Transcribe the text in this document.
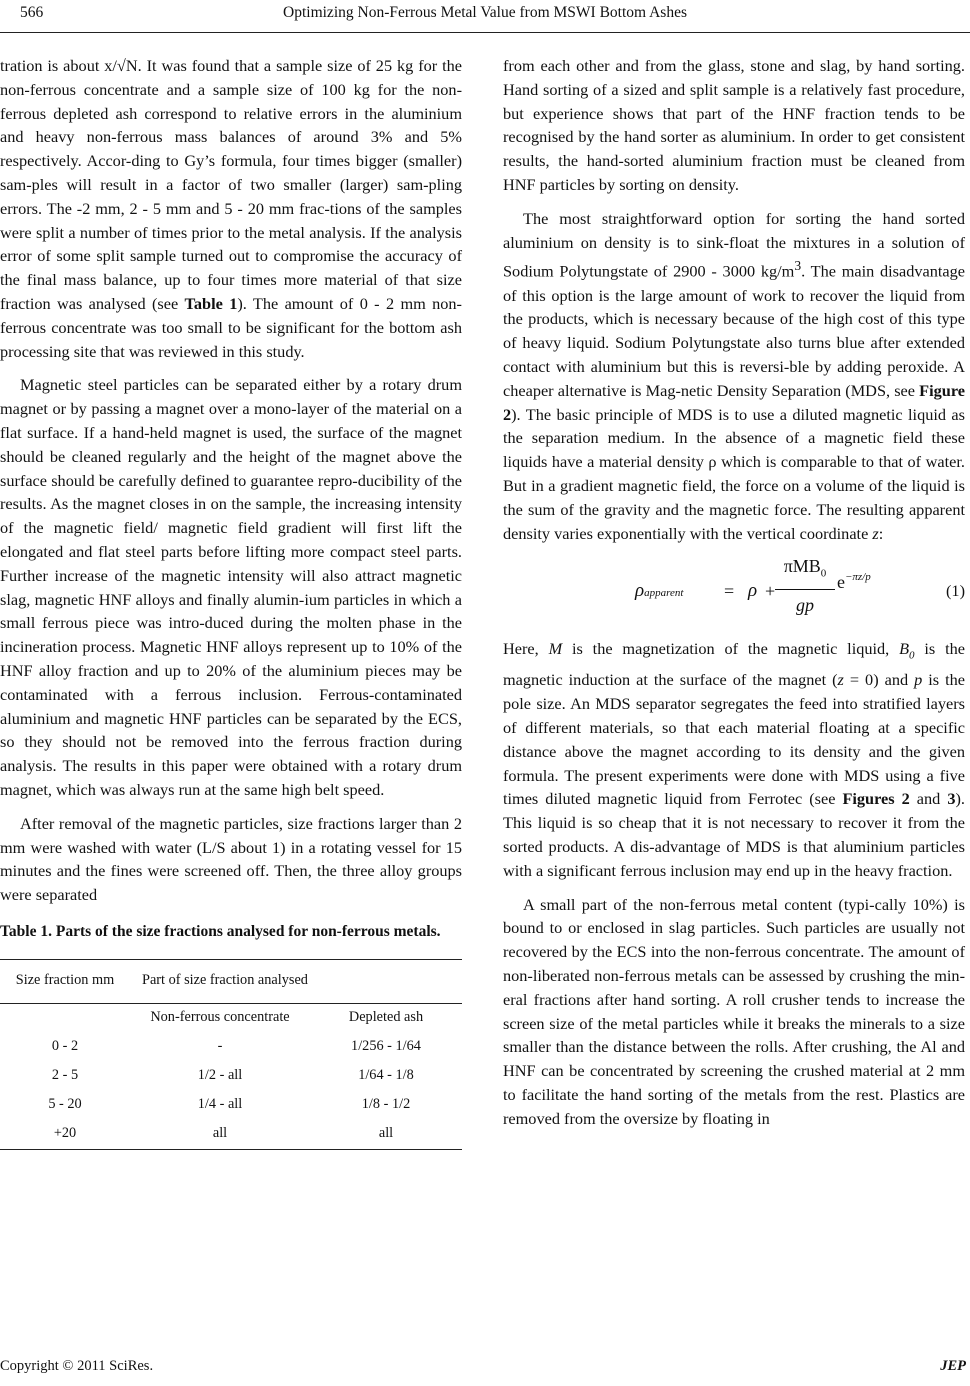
566	Optimizing Non-Ferrous Metal Value from MSWI Bottom Ashes

tration is about x/√N. It was found that a sample size of 25 kg for the non-ferrous concentrate and a sample size of 100 kg for the non-ferrous depleted ash correspond to relative errors in the aluminium and heavy non-ferrous mass balances of around 3% and 5% respectively. Accor-ding to Gy’s formula, four times bigger (smaller) sam-ples will result in a factor of two smaller (larger) sam-pling errors. The -2 mm, 2 - 5 mm and 5 - 20 mm frac-tions of the samples were split a number of times prior to the metal analysis. If the analysis error of some split sample turned out to compromise the accuracy of the final mass balance, up to four times more material of that size fraction was analysed (see Table 1). The amount of 0 - 2 mm non-ferrous concentrate was too small to be significant for the bottom ash processing site that was reviewed in this study.

Magnetic steel particles can be separated either by a rotary drum magnet or by passing a magnet over a mono-layer of the material on a flat surface. If a hand-held magnet is used, the surface of the magnet should be cleaned regularly and the height of the magnet above the surface should be carefully defined to guarantee repro-ducibility of the results. As the magnet closes in on the sample, the increasing intensity of the magnetic field/ magnetic field gradient will first lift the elongated and flat steel parts before lifting more compact steel parts. Further increase of the magnetic intensity will also attract magnetic slag, magnetic HNF alloys and finally alumin-ium particles in which a small ferrous piece was intro-duced during the molten phase in the incineration process. Magnetic HNF alloys represent up to 10% of the HNF alloy fraction and up to 20% of the aluminium pieces may be contaminated with a ferrous inclusion. Ferrous-contaminated aluminium and magnetic HNF particles can be separated by the ECS, so they should not be removed into the ferrous fraction during analysis. The results in this paper were obtained with a rotary drum magnet, which was always run at the same high belt speed.

After removal of the magnetic particles, size fractions larger than 2 mm were washed with water (L/S about 1) in a rotating vessel for 15 minutes and the fines were screened off. Then, the three alloy groups were separated

Table 1. Parts of the size fractions analysed for non-ferrous metals.
Size fraction mm	Part of size fraction analysed	
	Non-ferrous concentrate	Depleted ash
0 - 2	-	1/256 - 1/64
2 - 5	1/2 - all	1/64 - 1/8
5 - 20	1/4 - all	1/8 - 1/2
+20	all	all

from each other and from the glass, stone and slag, by hand sorting. Hand sorting of a sized and split sample is a relatively fast procedure, but experience shows that part of the HNF fraction tends to be recognised by the hand sorter as aluminium. In order to get consistent results, the hand-sorted aluminium fraction must be cleaned from HNF particles by sorting on density.

The most straightforward option for sorting the hand sorted aluminium on density is to sink-float the mixtures in a solution of Sodium Polytungstate of 2900 - 3000 $kg/m^3$. The main disadvantage of this option is the large amount of work to recover the liquid from the products, which is necessary because of the high cost of this type of heavy liquid. Sodium Polytungstate also turns blue after extended contact with aluminium but this is reversi-ble by adding peroxide. A cheaper alternative is Mag-netic Density Separation (MDS, see Figure 2). The basic principle of MDS is to use a diluted magnetic liquid as the separation medium. In the absence of a magnetic field these liquids have a material density ρ which is comparable to that of water. But in a gradient magnetic field, the force on a volume of the liquid is the sum of the gravity and the magnetic force. The resulting apparent density varies exponentially with the vertical coordinate z:

ρapparent = ρ +
πMB$_0$
gp
$e^{-\pi z/p}$
(1)

Here, M is the magnetization of the magnetic liquid, $B_0$ is the magnetic induction at the surface of the magnet (z = 0) and p is the pole size. An MDS separator segregates the feed into stratified layers of different materials, so that each material floating at a specific distance above the magnet according to its density and the given formula. The present experiments were done with MDS using a five times diluted magnetic liquid from Ferrotec (see Figures 2 and 3). This liquid is so cheap that it is not necessary to recover it from the sorted products. A dis-advantage of MDS is that aluminium particles with a significant ferrous inclusion may end up in the heavy fraction.

A small part of the non-ferrous metal content (typi-cally 10%) is bound to or enclosed in slag particles. Such particles are usually not recovered by the ECS into the non-ferrous concentrate. The amount of non-liberated non-ferrous metals can be assessed by crushing the min-eral fractions after hand sorting. A roll crusher tends to increase the screen size of the metal particles while it breaks the minerals to a size smaller than the distance between the rolls. After crushing, the Al and HNF can be concentrated by screening the crushed material at 2 mm to facilitate the hand sorting of the metals from the rest. Plastics are removed from the oversize by floating in

Copyright © 2011 SciRes.	JEP
